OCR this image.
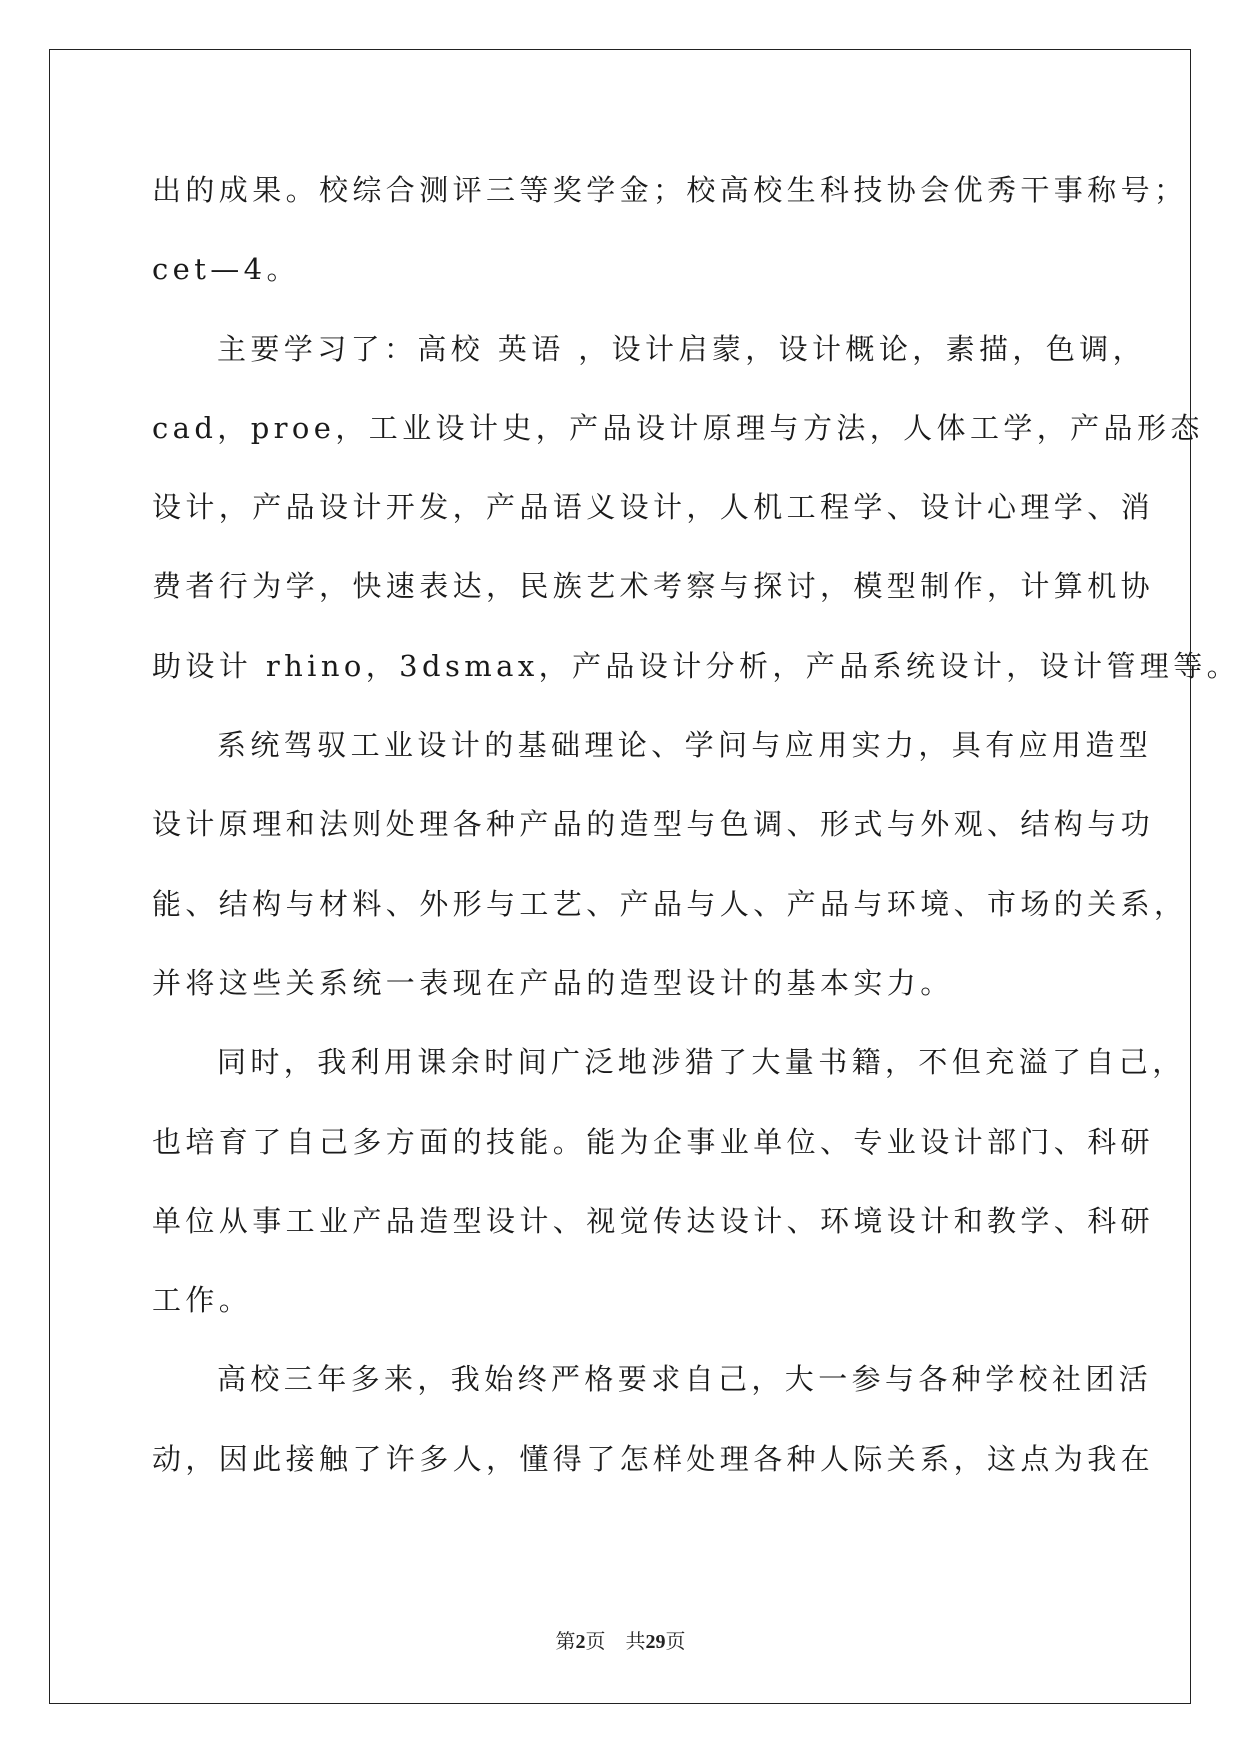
出的成果。校综合测评三等奖学金；校高校生科技协会优秀干事称号；
cet—4。
主要学习了：高校 英语 ，设计启蒙，设计概论，素描，色调，
cad，proe，工业设计史，产品设计原理与方法，人体工学，产品形态
设计，产品设计开发，产品语义设计，人机工程学、设计心理学、消
费者行为学，快速表达，民族艺术考察与探讨，模型制作，计算机协
助设计 rhino，3dsmax，产品设计分析，产品系统设计，设计管理等。
系统驾驭工业设计的基础理论、学问与应用实力，具有应用造型
设计原理和法则处理各种产品的造型与色调、形式与外观、结构与功
能、结构与材料、外形与工艺、产品与人、产品与环境、市场的关系，
并将这些关系统一表现在产品的造型设计的基本实力。
同时，我利用课余时间广泛地涉猎了大量书籍，不但充溢了自己，
也培育了自己多方面的技能。能为企事业单位、专业设计部门、科研
单位从事工业产品造型设计、视觉传达设计、环境设计和教学、科研
工作。
高校三年多来，我始终严格要求自己，大一参与各种学校社团活
动，因此接触了许多人，懂得了怎样处理各种人际关系，这点为我在
第2页 共29页
